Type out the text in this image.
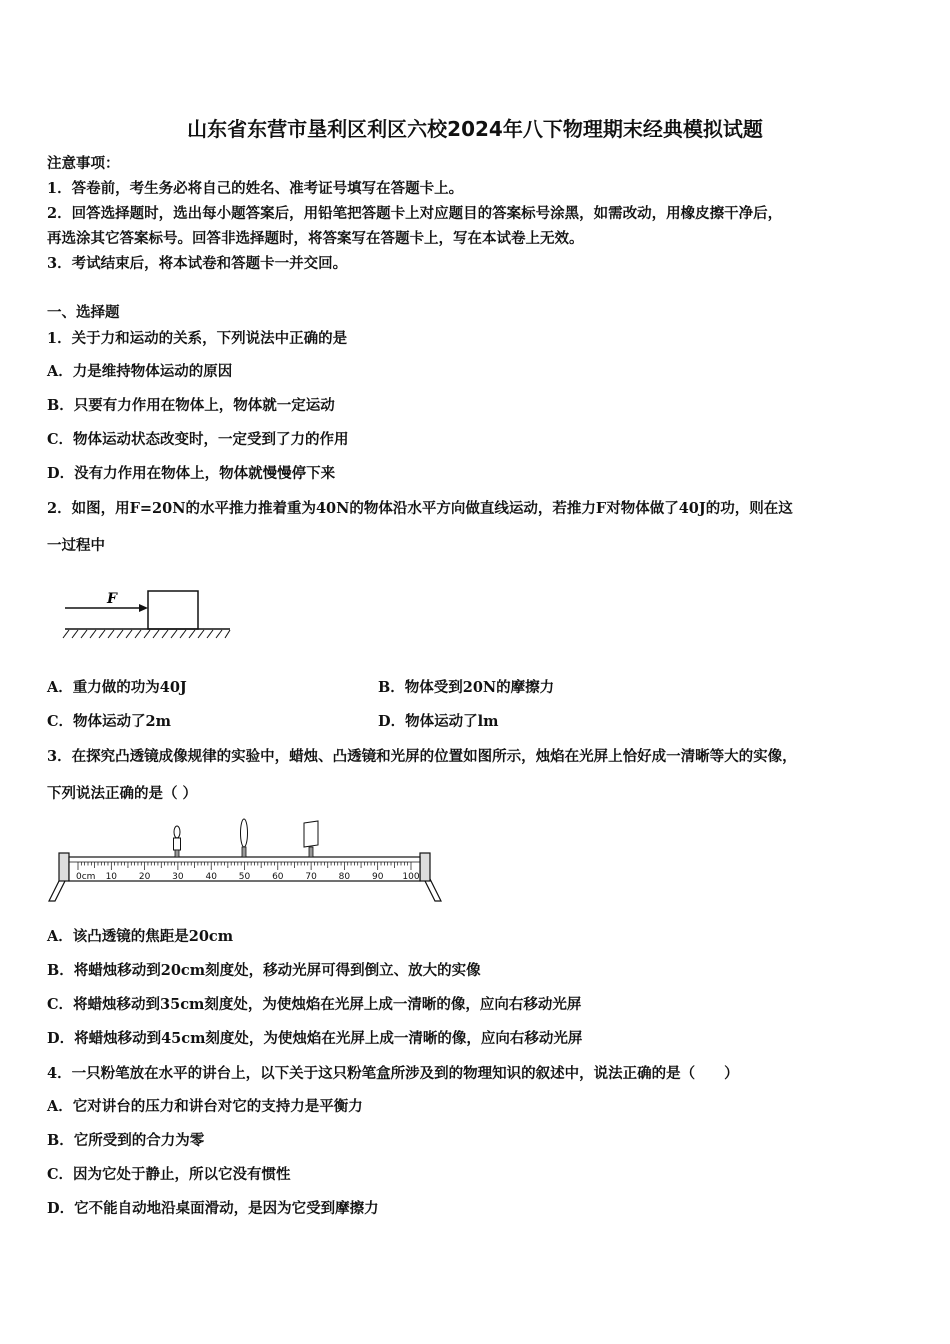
山东省东营市垦利区利区六校2024年八下物理期末经典模拟试题
注意事项：
1．答卷前，考生务必将自己的姓名、准考证号填写在答题卡上。
2．回答选择题时，选出每小题答案后，用铅笔把答题卡上对应题目的答案标号涂黑，如需改动，用橡皮擦干净后，
再选涂其它答案标号。回答非选择题时，将答案写在答题卡上，写在本试卷上无效。
3．考试结束后，将本试卷和答题卡一并交回。
一、选择题
1．关于力和运动的关系，下列说法中正确的是
A．力是维持物体运动的原因
B．只要有力作用在物体上，物体就一定运动
C．物体运动状态改变时，一定受到了力的作用
D．没有力作用在物体上，物体就慢慢停下来
2．如图，用F=20N的水平推力推着重为40N的物体沿水平方向做直线运动，若推力F对物体做了40J的功，则在这
一过程中
F
A．重力做的功为40J	B．物体受到20N的摩擦力
C．物体运动了2m	D．物体运动了lm
3．在探究凸透镜成像规律的实验中，蜡烛、凸透镜和光屏的位置如图所示，烛焰在光屏上恰好成一清晰等大的实像，
下列说法正确的是（ ）
0cm 10 20 30 40 50 60 70 80 90 100
A．该凸透镜的焦距是20cm
B．将蜡烛移动到20cm刻度处，移动光屏可得到倒立、放大的实像
C．将蜡烛移动到35cm刻度处，为使烛焰在光屏上成一清晰的像，应向右移动光屏
D．将蜡烛移动到45cm刻度处，为使烛焰在光屏上成一清晰的像，应向右移动光屏
4．一只粉笔放在水平的讲台上，以下关于这只粉笔盒所涉及到的物理知识的叙述中，说法正确的是（　　）
A．它对讲台的压力和讲台对它的支持力是平衡力
B．它所受到的合力为零
C．因为它处于静止，所以它没有惯性
D．它不能自动地沿桌面滑动，是因为它受到摩擦力
